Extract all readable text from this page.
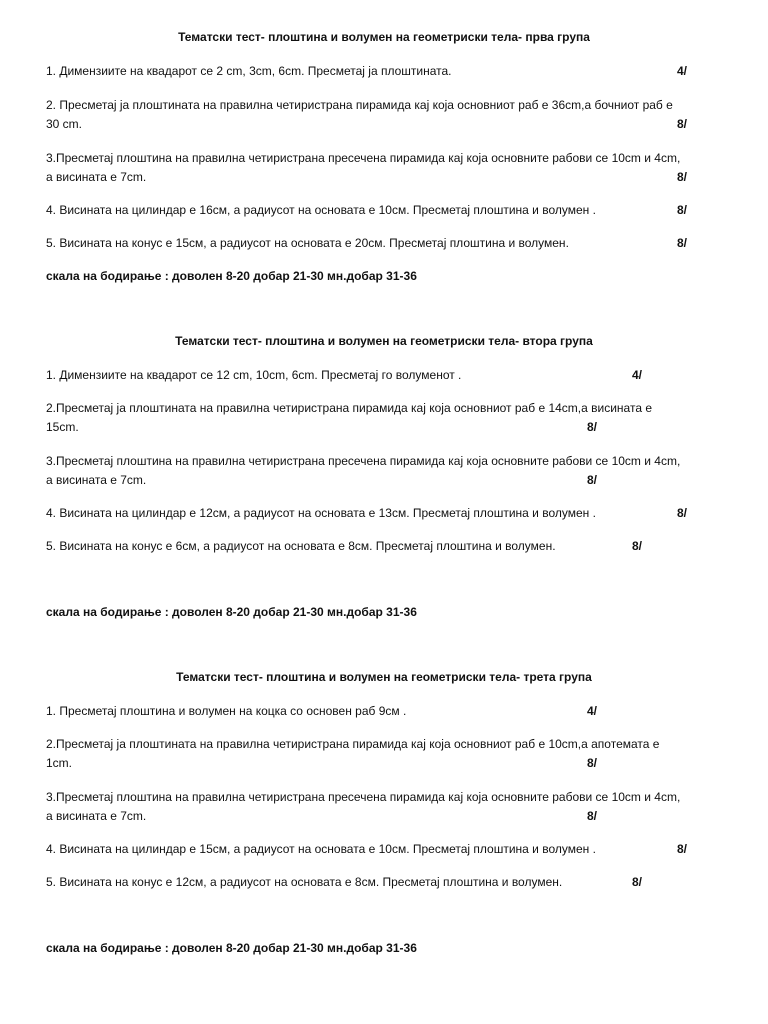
Тематски тест- плоштина и волумен на геометриски тела- прва група
1. Димензиите на квадарот се 2 cm, 3cm, 6cm. Пресметај ја плоштината.	4/
2. Пресметај ја плоштината на правилна четиристрана пирамида кај која основниот раб е 36cm,а бочниот раб е
30 cm.	8/
3.Пресметај плоштина на правилна четиристрана пресечена пирамида кај која основните рабови се 10cm и 4cm,
а висината е 7cm.	8/
4. Висината на цилиндар е 16см, а радиусот на основата е 10см. Пресметај плоштина и волумен .	8/
5. Висината на конус е 15см, а радиусот на основата е 20см. Пресметај плоштина и волумен.	8/
скала на бодирање : доволен 8-20 добар 21-30 мн.добар 31-36
Тематски тест- плоштина и волумен на геометриски тела- втора група
1. Димензиите на квадарот се 12 cm, 10cm, 6cm. Пресметај го волуменот .	4/
2.Пресметај ја плоштината на правилна четиристрана пирамида кај која основниот раб е 14cm,а висината е
15cm.	8/
3.Пресметај плоштина на правилна четиристрана пресечена пирамида кај која основните рабови се 10cm и 4cm,
а висината е 7cm.	8/
4. Висината на цилиндар е 12см, а радиусот на основата е 13см. Пресметај плоштина и волумен .	8/
5. Висината на конус е 6см, а радиусот на основата е 8см. Пресметај плоштина и волумен.	8/
скала на бодирање : доволен 8-20 добар 21-30 мн.добар 31-36
Тематски тест- плоштина и волумен на геометриски тела- трета група
1. Пресметај плоштина и волумен на коцка со основен раб 9см .	4/
2.Пресметај ја плоштината на правилна четиристрана пирамида кај која основниот раб е 10cm,а апотемата е
1cm.	8/
3.Пресметај плоштина на правилна четиристрана пресечена пирамида кај која основните рабови се 10cm и 4cm,
а висината е 7cm.	8/
4. Висината на цилиндар е 15см, а радиусот на основата е 10см. Пресметај плоштина и волумен .	8/
5. Висината на конус е 12см, а радиусот на основата е 8см. Пресметај плоштина и волумен.	8/
скала на бодирање : доволен 8-20 добар 21-30 мн.добар 31-36
